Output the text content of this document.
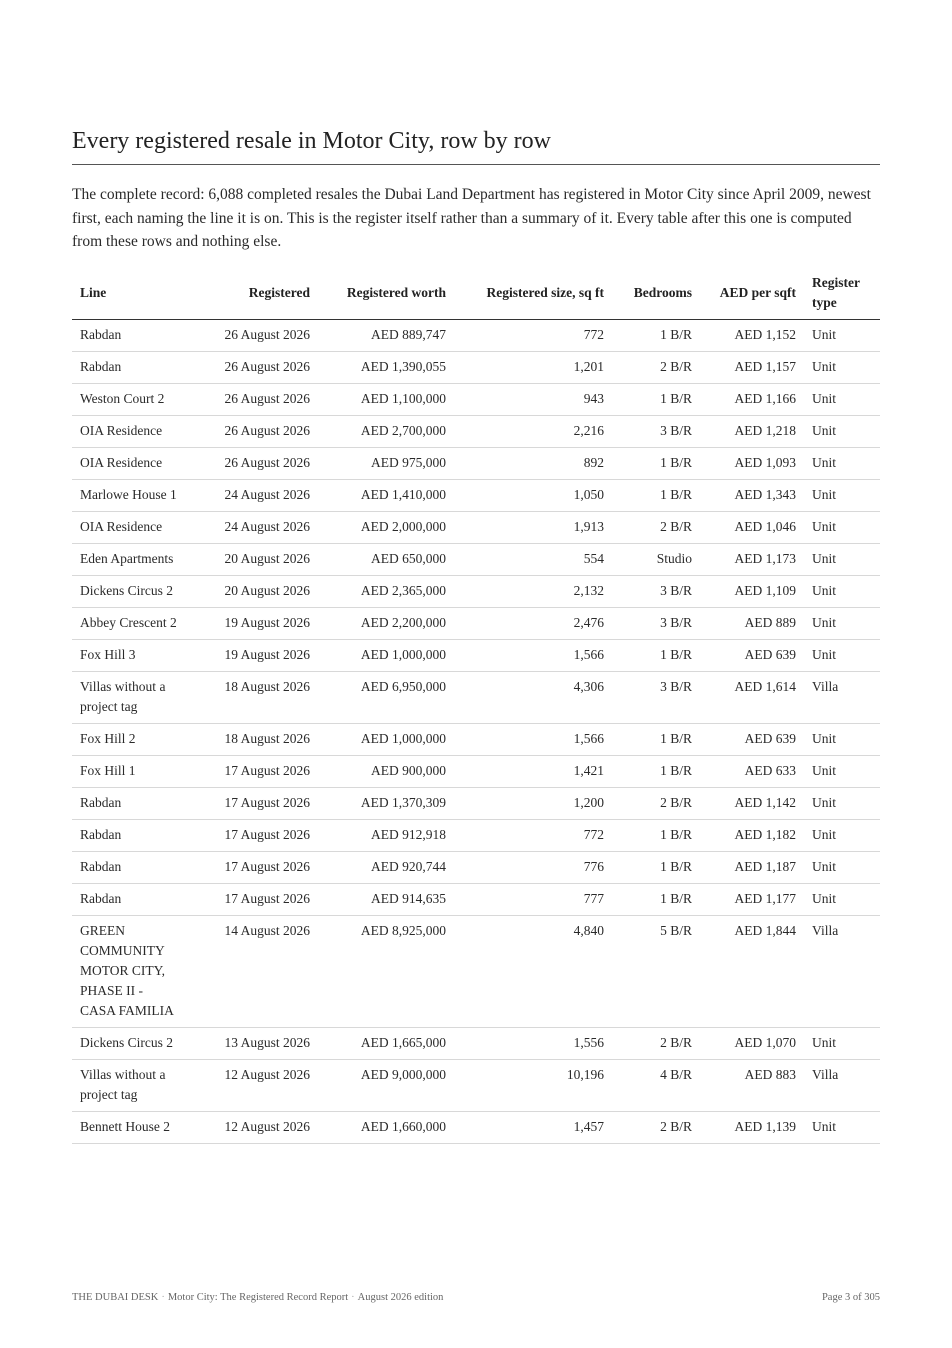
Every registered resale in Motor City, row by row

The complete record: 6,088 completed resales the Dubai Land Department has registered in Motor City since April 2009, newest first, each naming the line it is on. This is the register itself rather than a summary of it. Every table after this one is computed from these rows and nothing else.

Line	Registered	Registered worth	Registered size, sq ft	Bedrooms	AED per sqft	Register type
Rabdan	26 August 2026	AED 889,747	772	1 B/R	AED 1,152	Unit
Rabdan	26 August 2026	AED 1,390,055	1,201	2 B/R	AED 1,157	Unit
Weston Court 2	26 August 2026	AED 1,100,000	943	1 B/R	AED 1,166	Unit
OIA Residence	26 August 2026	AED 2,700,000	2,216	3 B/R	AED 1,218	Unit
OIA Residence	26 August 2026	AED 975,000	892	1 B/R	AED 1,093	Unit
Marlowe House 1	24 August 2026	AED 1,410,000	1,050	1 B/R	AED 1,343	Unit
OIA Residence	24 August 2026	AED 2,000,000	1,913	2 B/R	AED 1,046	Unit
Eden Apartments	20 August 2026	AED 650,000	554	Studio	AED 1,173	Unit
Dickens Circus 2	20 August 2026	AED 2,365,000	2,132	3 B/R	AED 1,109	Unit
Abbey Crescent 2	19 August 2026	AED 2,200,000	2,476	3 B/R	AED 889	Unit
Fox Hill 3	19 August 2026	AED 1,000,000	1,566	1 B/R	AED 639	Unit
Villas without a project tag	18 August 2026	AED 6,950,000	4,306	3 B/R	AED 1,614	Villa
Fox Hill 2	18 August 2026	AED 1,000,000	1,566	1 B/R	AED 639	Unit
Fox Hill 1	17 August 2026	AED 900,000	1,421	1 B/R	AED 633	Unit
Rabdan	17 August 2026	AED 1,370,309	1,200	2 B/R	AED 1,142	Unit
Rabdan	17 August 2026	AED 912,918	772	1 B/R	AED 1,182	Unit
Rabdan	17 August 2026	AED 920,744	776	1 B/R	AED 1,187	Unit
Rabdan	17 August 2026	AED 914,635	777	1 B/R	AED 1,177	Unit
GREEN COMMUNITY MOTOR CITY, PHASE II - CASA FAMILIA	14 August 2026	AED 8,925,000	4,840	5 B/R	AED 1,844	Villa
Dickens Circus 2	13 August 2026	AED 1,665,000	1,556	2 B/R	AED 1,070	Unit
Villas without a project tag	12 August 2026	AED 9,000,000	10,196	4 B/R	AED 883	Villa
Bennett House 2	12 August 2026	AED 1,660,000	1,457	2 B/R	AED 1,139	Unit
THE DUBAI DESK · Motor City: The Registered Record Report · August 2026 edition	Page 3 of 305
